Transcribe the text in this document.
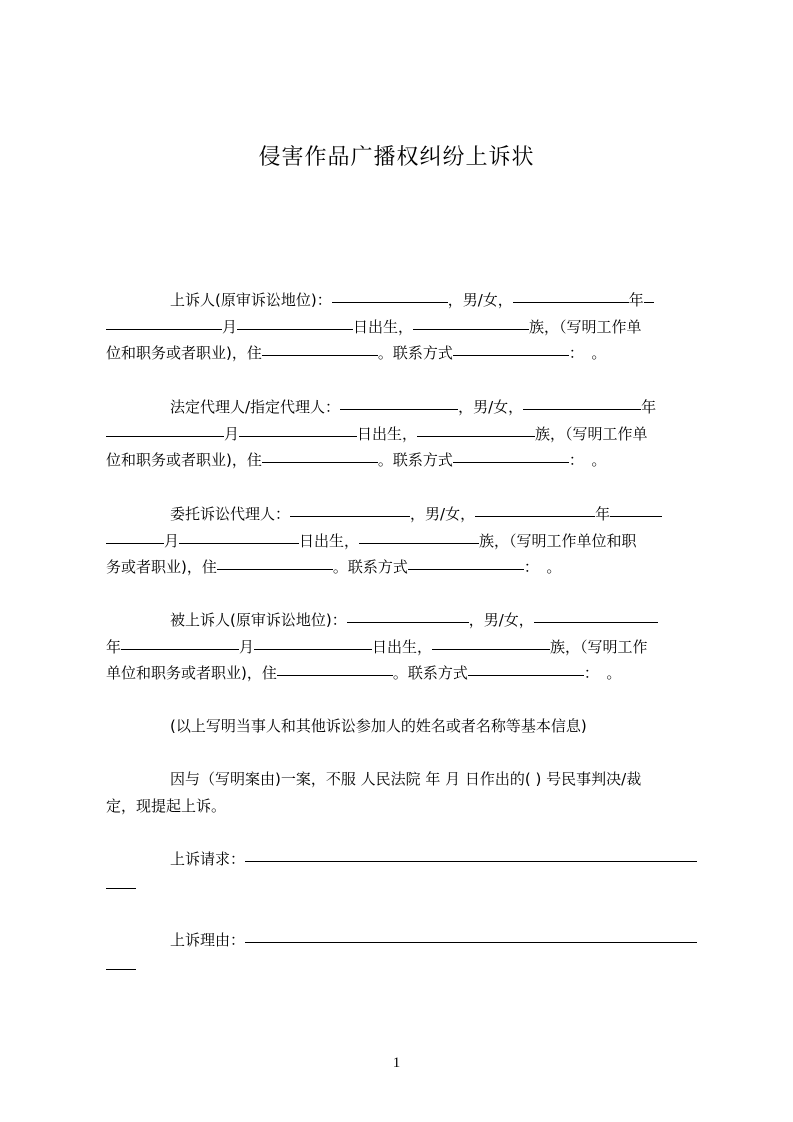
侵害作品广播权纠纷上诉状
上诉人(原审诉讼地位)：	，男/女，	年
月	日出生，	族，（写明工作单
位和职务或者职业)，住	。联系方式	：　。
法定代理人/指定代理人：	，男/女，	年
月	日出生，	族，（写明工作单
位和职务或者职业)，住	。联系方式	：　。
委托诉讼代理人：	，男/女，	年
月	日出生，	族，（写明工作单位和职
务或者职业)，住	。联系方式	：　。
被上诉人(原审诉讼地位)：	，男/女，
年	月	日出生，	族，（写明工作
单位和职务或者职业)，住	。联系方式	：　。
(以上写明当事人和其他诉讼参加人的姓名或者名称等基本信息)
因与（写明案由)一案，不服 人民法院 年 月 日作出的( ) 号民事判决/裁
定，现提起上诉。
上诉请求：
上诉理由：
1
